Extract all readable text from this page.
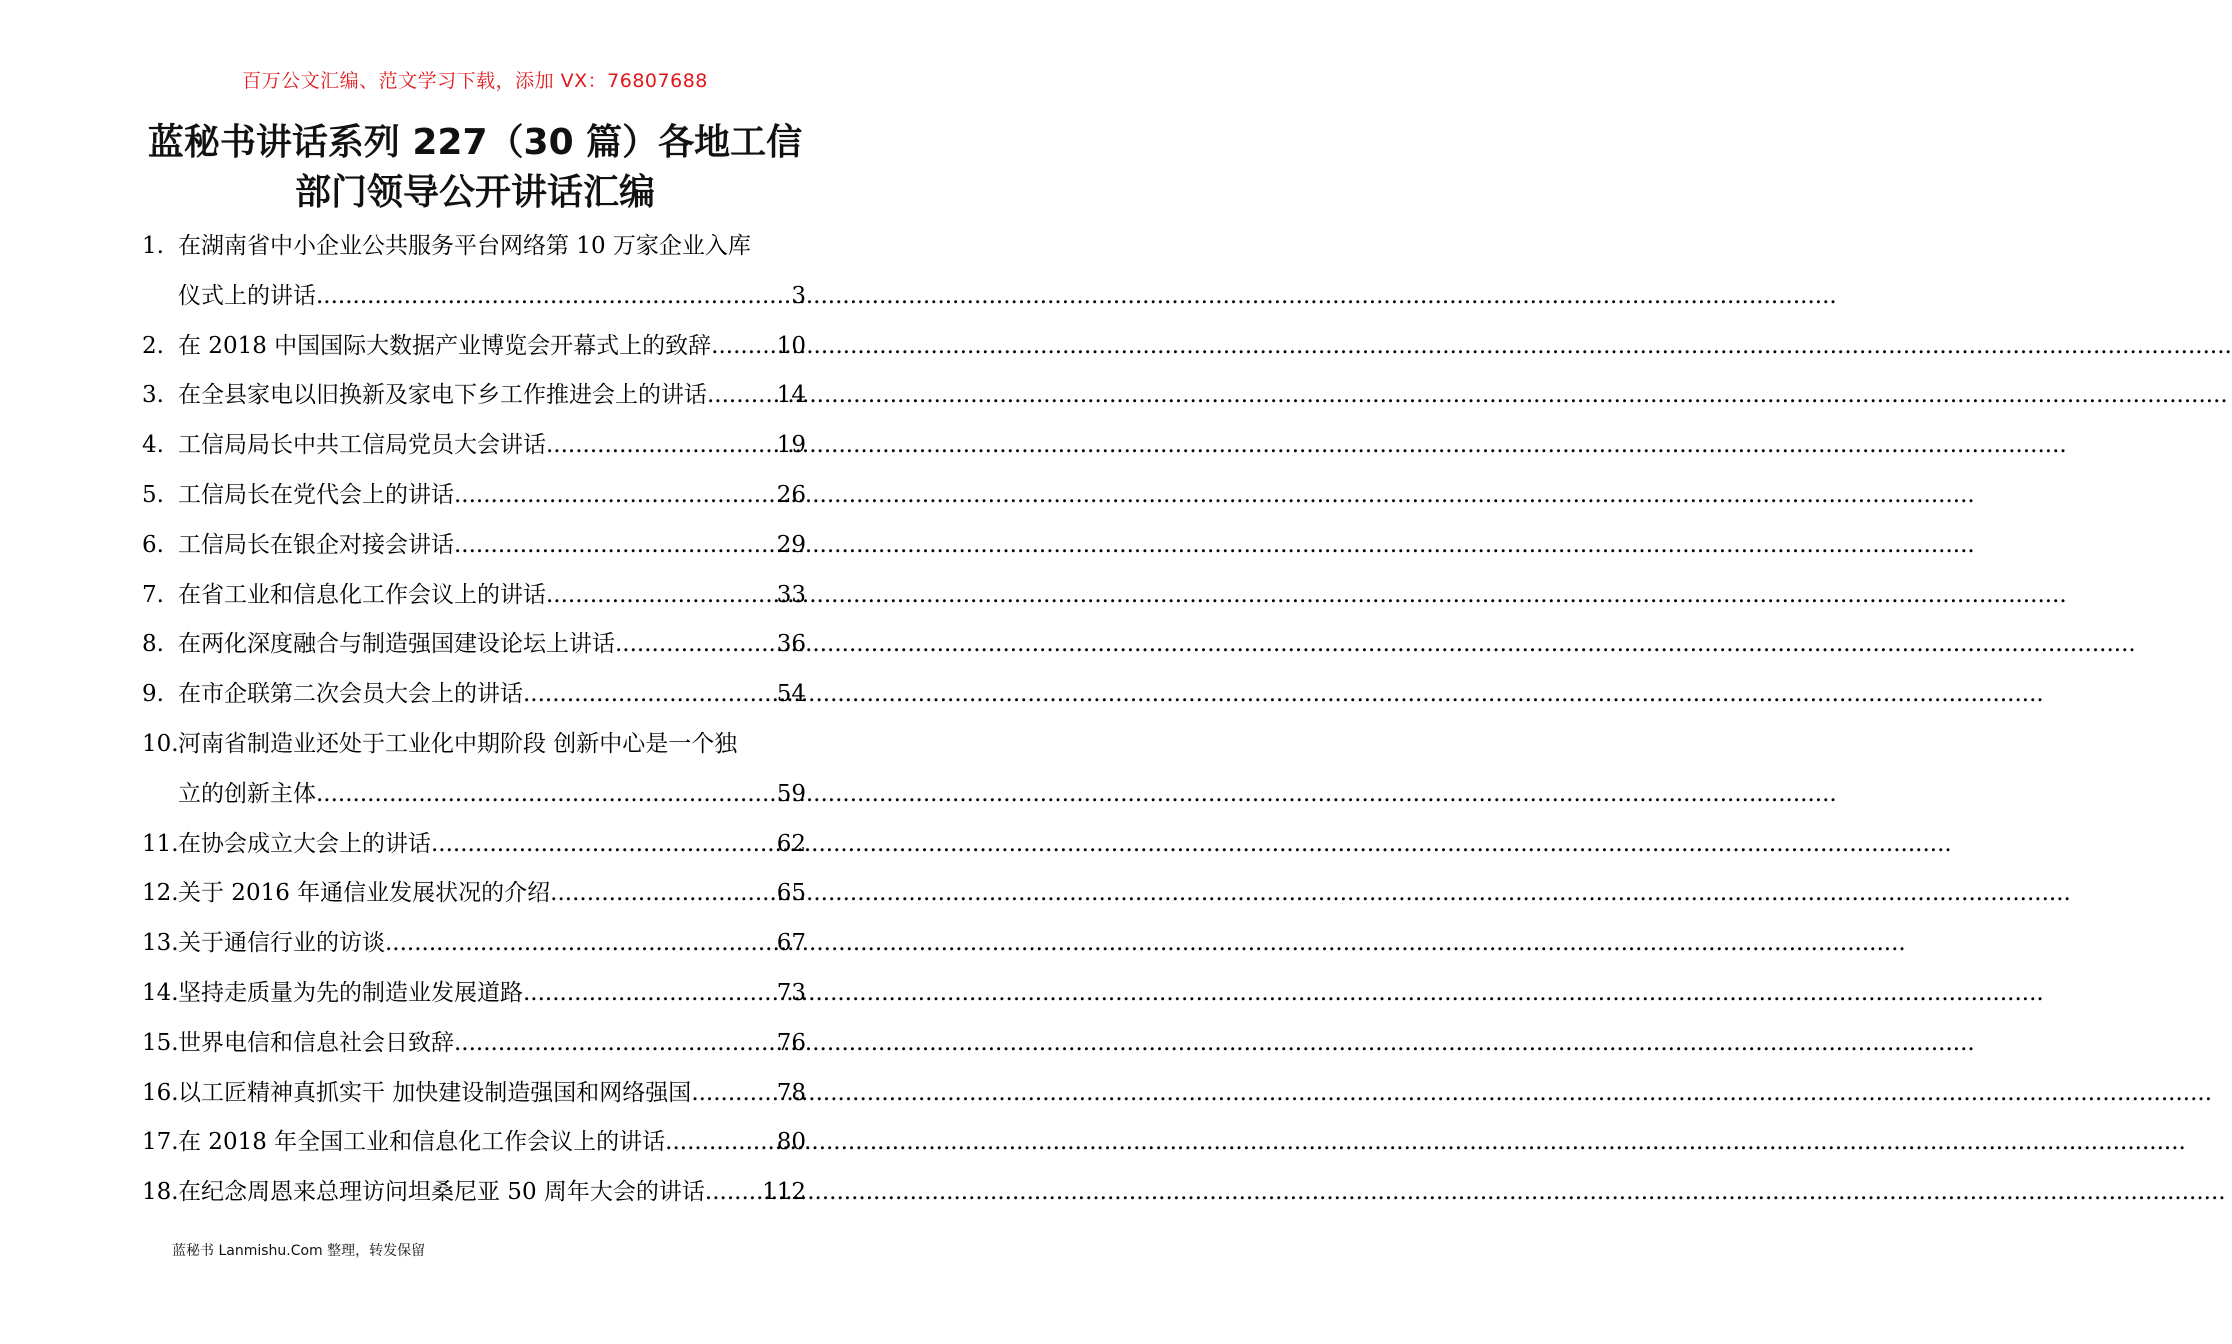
百万公文汇编、范文学习下载，添加 VX：76807688
蓝秘书讲话系列 227（30 篇）各地工信
部门领导公开讲话汇编
1. 在湖南省中小企业公共服务平台网络第 10 万家企业入库
仪式上的讲话 .....	3
2. 在 2018 中国国际大数据产业博览会开幕式上的致辞 .....	10
3. 在全县家电以旧换新及家电下乡工作推进会上的讲话 .....	14
4. 工信局局长中共工信局党员大会讲话 .....	19
5. 工信局长在党代会上的讲话 .....	26
6. 工信局长在银企对接会讲话 .....	29
7. 在省工业和信息化工作会议上的讲话 .....	33
8. 在两化深度融合与制造强国建设论坛上讲话 .....	36
9. 在市企联第二次会员大会上的讲话 .....	54
10. 河南省制造业还处于工业化中期阶段 创新中心是一个独
立的创新主体 .....	59
11. 在协会成立大会上的讲话 .....	62
12. 关于 2016 年通信业发展状况的介绍 .....	65
13. 关于通信行业的访谈 .....	67
14. 坚持走质量为先的制造业发展道路 .....	73
15. 世界电信和信息社会日致辞 .....	76
16. 以工匠精神真抓实干 加快建设制造强国和网络强国 .....	78
17. 在 2018 年全国工业和信息化工作会议上的讲话 .....	80
18. 在纪念周恩来总理访问坦桑尼亚 50 周年大会的讲话 ..... 112
蓝秘书 Lanmishu.Com 整理，转发保留
